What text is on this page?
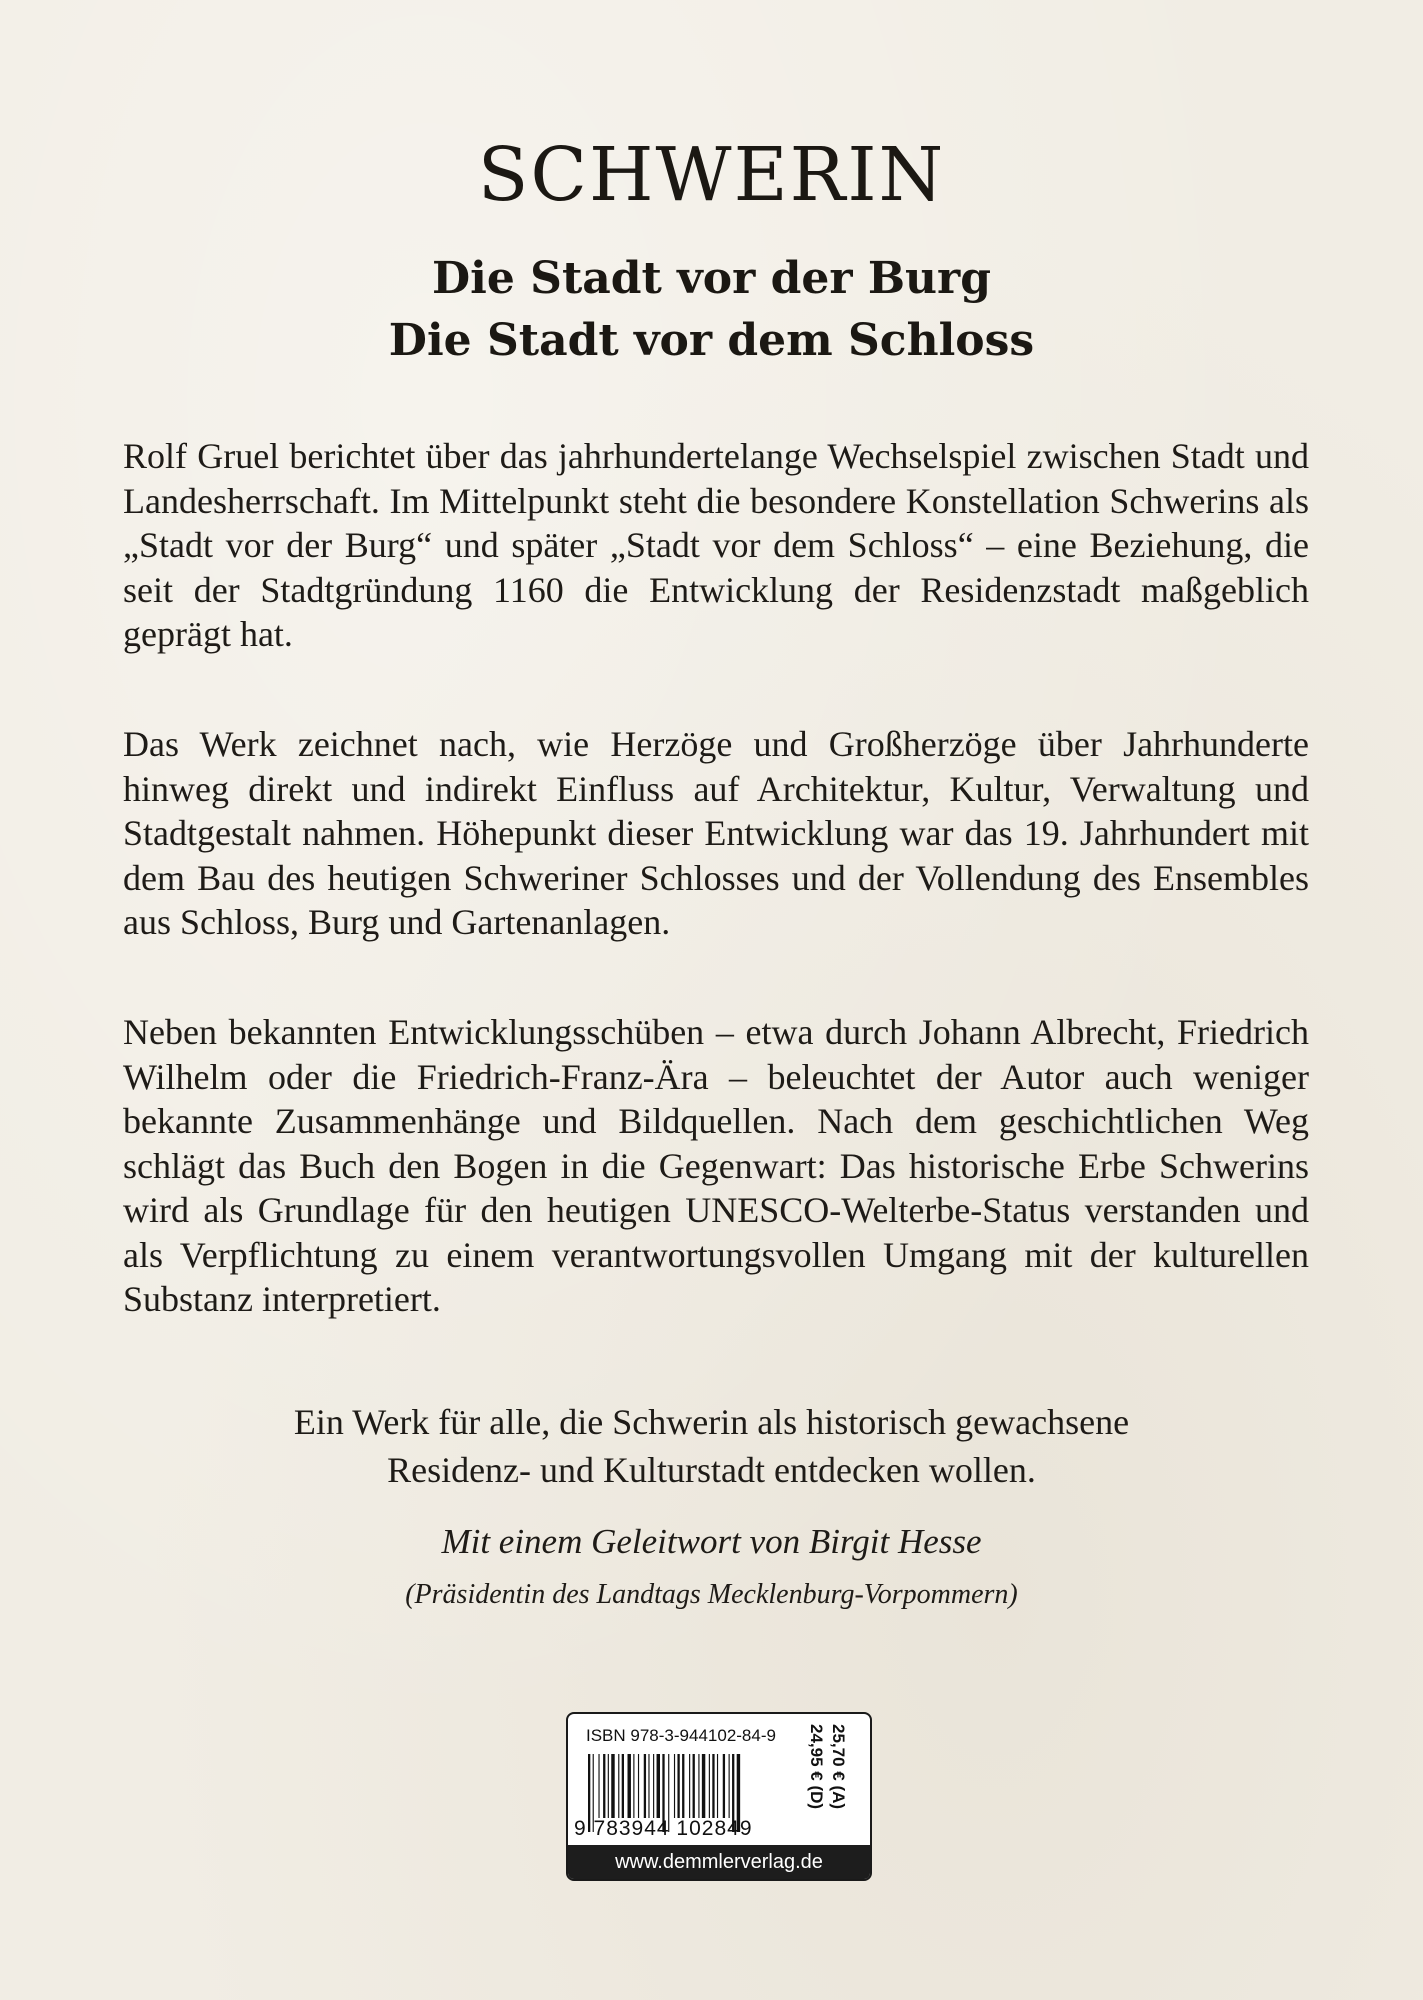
SCHWERIN
Die Stadt vor der Burg
Die Stadt vor dem Schloss

Rolf Gruel berichtet über das jahrhundertelange Wechselspiel zwischen Stadt und Landesherrschaft. Im Mittelpunkt steht die besondere Konstellation Schwerins als „Stadt vor der Burg“ und später „Stadt vor dem Schloss“ – eine Beziehung, die seit der Stadtgründung 1160 die Entwicklung der Residenzstadt maßgeblich geprägt hat.

Das Werk zeichnet nach, wie Herzöge und Großherzöge über Jahrhunderte hinweg direkt und indirekt Einfluss auf Architektur, Kultur, Verwaltung und Stadtgestalt nahmen. Höhepunkt dieser Entwicklung war das 19. Jahrhundert mit dem Bau des heutigen Schweriner Schlosses und der Vollendung des Ensembles aus Schloss, Burg und Gartenanlagen.

Neben bekannten Entwicklungsschüben – etwa durch Johann Albrecht, Friedrich Wilhelm oder die Friedrich-Franz-Ära – beleuchtet der Autor auch weniger bekannte Zusammenhänge und Bildquellen. Nach dem geschichtlichen Weg schlägt das Buch den Bogen in die Gegenwart: Das historische Erbe Schwerins wird als Grundlage für den heutigen UNESCO-Welterbe-Status verstanden und als Verpflichtung zu einem verantwortungsvollen Umgang mit der kulturellen Substanz interpretiert.

Ein Werk für alle, die Schwerin als historisch gewachsene
Residenz- und Kulturstadt entdecken wollen.
Mit einem Geleitwort von Birgit Hesse
(Präsidentin des Landtags Mecklenburg-Vorpommern)
ISBN 978-3-944102-84-9
9 783944 102849
24,95 € (D) 25,70 € (A)
www.demmlerverlag.de
